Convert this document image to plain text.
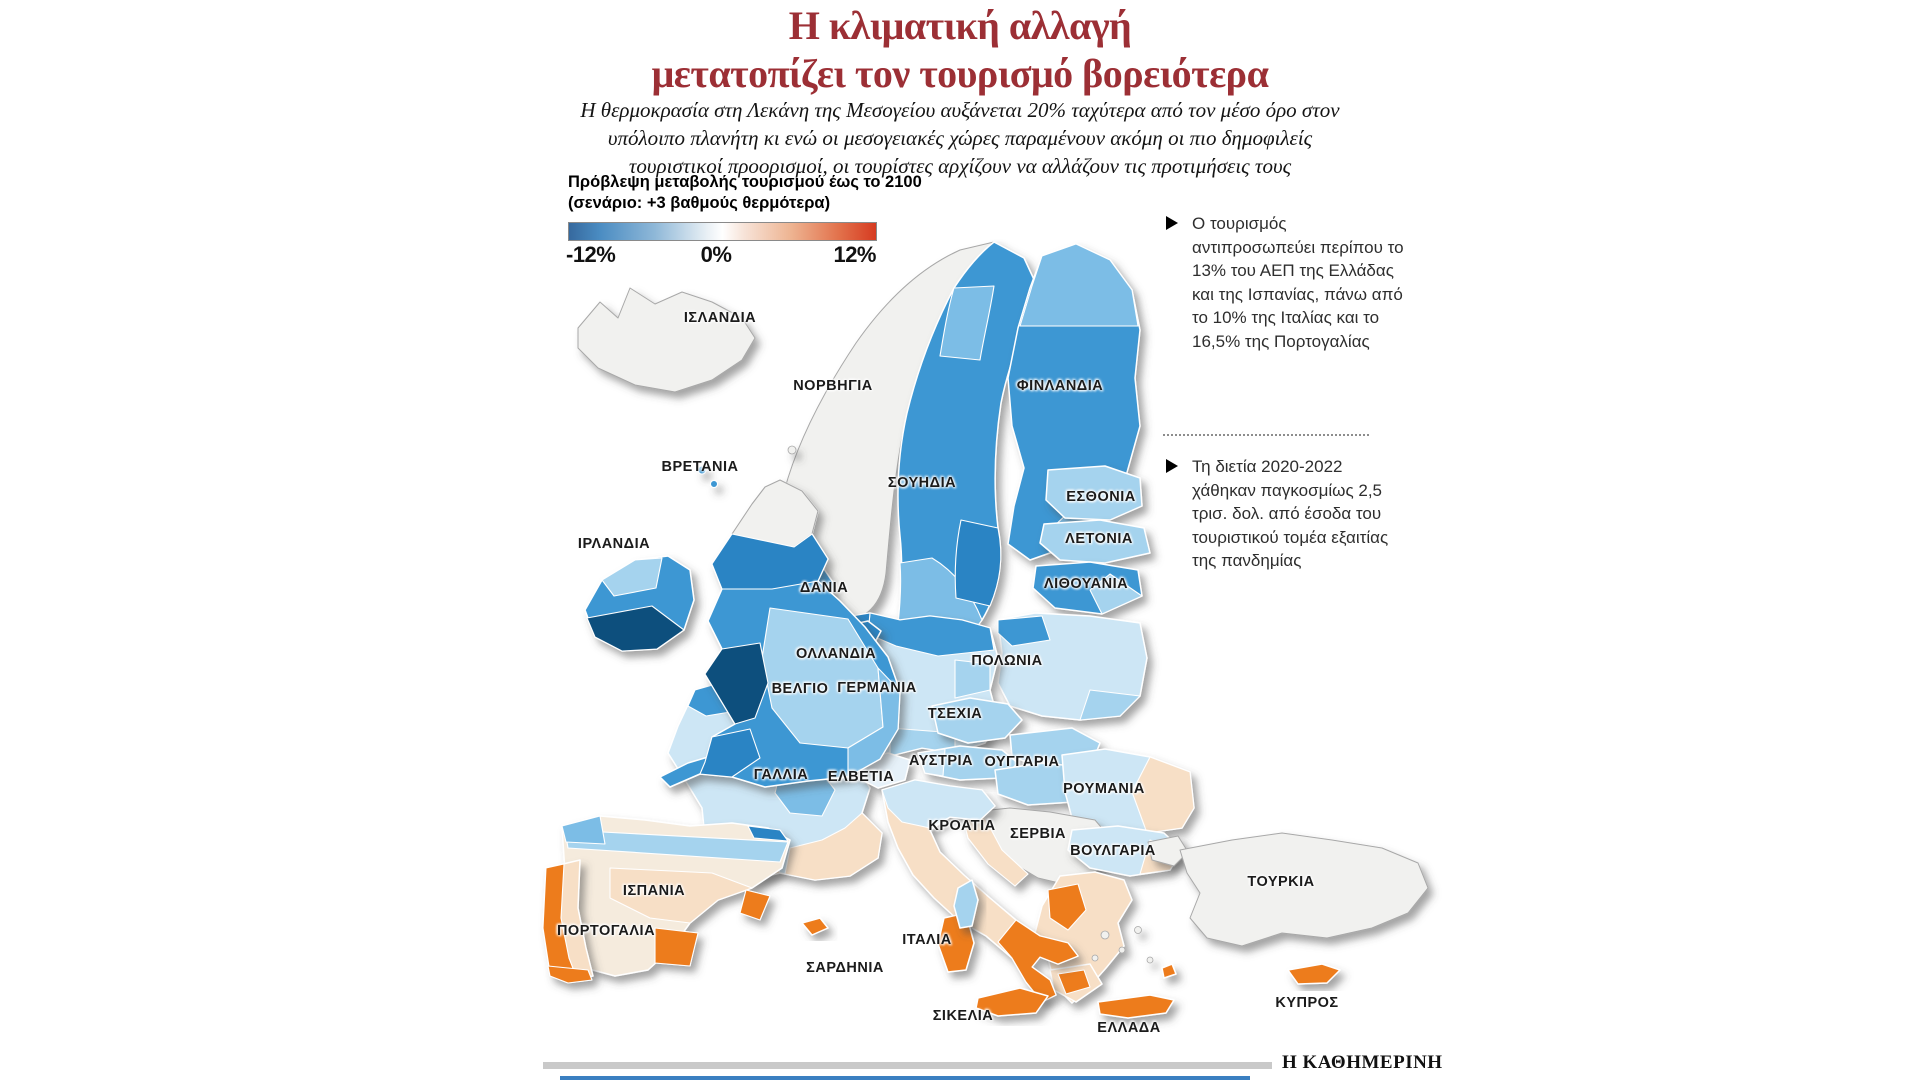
Η κλιματική αλλαγή
μετατοπίζει τον τουρισμό βορειότερα
Η θερμοκρασία στη Λεκάνη της Μεσογείου αυξάνεται 20% ταχύτερα από τον μέσο όρο στον
υπόλοιπο πλανήτη κι ενώ οι μεσογειακές χώρες παραμένουν ακόμη οι πιο δημοφιλείς
τουριστικοί προορισμοί, οι τουρίστες αρχίζουν να αλλάζουν τις προτιμήσεις τους
Πρόβλεψη μεταβολής τουρισμού έως το 2100
(σενάριο: +3 βαθμούς θερμότερα)
-12%	0%	12%
Ο τουρισμός αντιπροσωπεύει περίπου το 13% του ΑΕΠ της Ελλάδας και της Ισπανίας, πάνω από το 10% της Ιταλίας και το 16,5% της Πορτογαλίας
Τη διετία 2020-2022 χάθηκαν παγκοσμίως 2,5 τρισ. δολ. από έσοδα του τουριστικού τομέα εξαιτίας της πανδημίας
ΙΣΛΑΝΔΙΑ
ΝΟΡΒΗΓΙΑ	ΦΙΝΛΑΝΔΙΑ
ΒΡΕΤΑΝΙΑ
ΣΟΥΗΔΙΑ
ΕΣΘΟΝΙΑ
ΛΕΤΟΝΙΑ
ΙΡΛΑΝΔΙΑ
ΛΙΘΟΥΑΝΙΑ
ΔΑΝΙΑ
ΟΛΛΑΝΔΙΑ	ΠΟΛΩΝΙΑ
ΒΕΛΓΙΟ ΓΕΡΜΑΝΙΑ
ΤΣΕΧΙΑ
ΑΥΣΤΡΙΑ ΟΥΓΓΑΡΙΑ
ΓΑΛΛΙΑ ΕΛΒΕΤΙΑ
ΡΟΥΜΑΝΙΑ
ΚΡΟΑΤΙΑ ΣΕΡΒΙΑ
ΒΟΥΛΓΑΡΙΑ
ΤΟΥΡΚΙΑ
ΙΣΠΑΝΙΑ
ΠΟΡΤΟΓΑΛΙΑ
ΙΤΑΛΙΑ
ΣΑΡΔΗΝΙΑ
ΣΙΚΕΛΙΑ
ΚΥΠΡΟΣ
ΕΛΛΑΔΑ
Η ΚΑΘΗΜΕΡΙΝΗ
